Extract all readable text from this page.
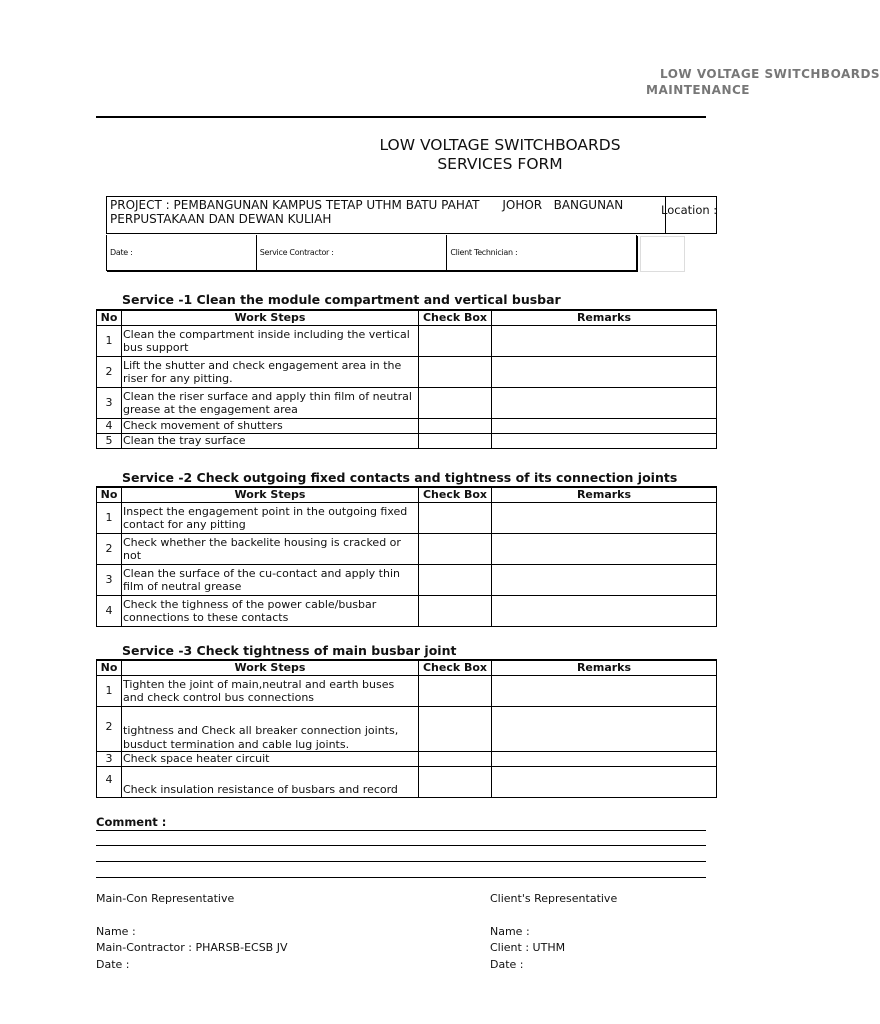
LOW VOLTAGE SWITCHBOARDS
MAINTENANCE
LOW VOLTAGE SWITCHBOARDS
SERVICES FORM
PROJECT : PEMBANGUNAN KAMPUS TETAP UTHM BATU PAHAT      JOHOR   BANGUNAN
PERPUSTAKAAN DAN DEWAN KULIAH
Location :
Date :	Service Contractor :	Client Technician :
Service -1 Clean the module compartment and vertical busbar
No	Work Steps	Check Box	Remarks
1	Clean the compartment inside including the vertical bus support		
2	Lift the shutter and check engagement area in the riser for any pitting.		
3	Clean the riser surface and apply thin film of neutral grease at the engagement area		
4	Check movement of shutters		
5	Clean the tray surface		
Service -2 Check outgoing fixed contacts and tightness of its connection joints
No	Work Steps	Check Box	Remarks
1	Inspect the engagement point in the outgoing fixed contact for any pitting		
2	Check whether the backelite housing is cracked or not		
3	Clean the surface of the cu-contact and apply thin film of neutral grease		
4	Check the tighness of the power cable/busbar connections to these contacts		
Service -3 Check tightness of main busbar joint
No	Work Steps	Check Box	Remarks
1	Tighten the joint of main,neutral and earth buses and check control bus connections		
2	tightness and Check all breaker connection joints, busduct termination and cable lug joints.		
3	Check space heater circuit		
4	Check insulation resistance of busbars and record		
Comment :
Main-Con Representative
Name :
Main-Contractor : PHARSB-ECSB JV
Date :
Client's Representative
Name :
Client : UTHM
Date :
